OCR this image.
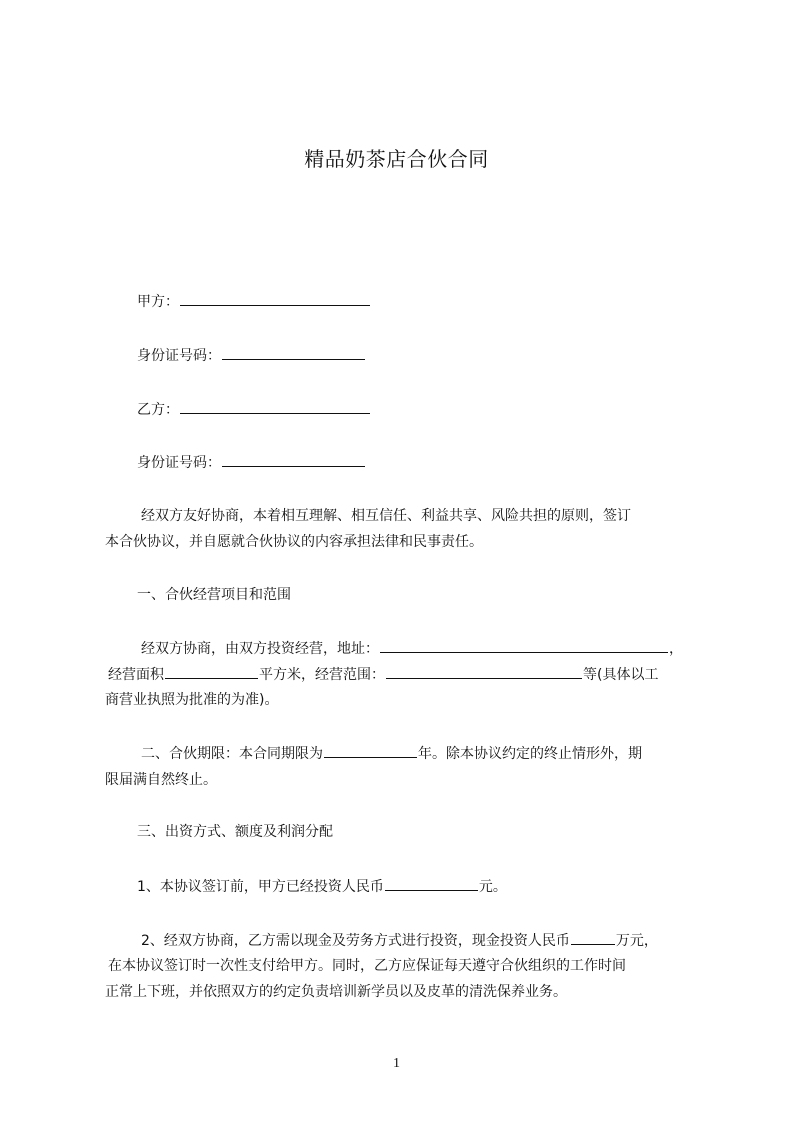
精品奶茶店合伙合同
甲方：
身份证号码：
乙方：
身份证号码：
经双方友好协商，本着相互理解、相互信任、利益共享、风险共担的原则，签订
本合伙协议，并自愿就合伙协议的内容承担法律和民事责任。
一、合伙经营项目和范围
经双方协商，由双方投资经营，地址：	，
经营面积	平方米，经营范围：	等(具体以工
商营业执照为批准的为准)。
二、合伙期限：本合同期限为	年。除本协议约定的终止情形外，期
限届满自然终止。
三、出资方式、额度及利润分配
1、本协议签订前，甲方已经投资人民币	元。
2、经双方协商，乙方需以现金及劳务方式进行投资，现金投资人民币	万元，
在本协议签订时一次性支付给甲方。同时，乙方应保证每天遵守合伙组织的工作时间
正常上下班，并依照双方的约定负责培训新学员以及皮革的清洗保养业务。
1
